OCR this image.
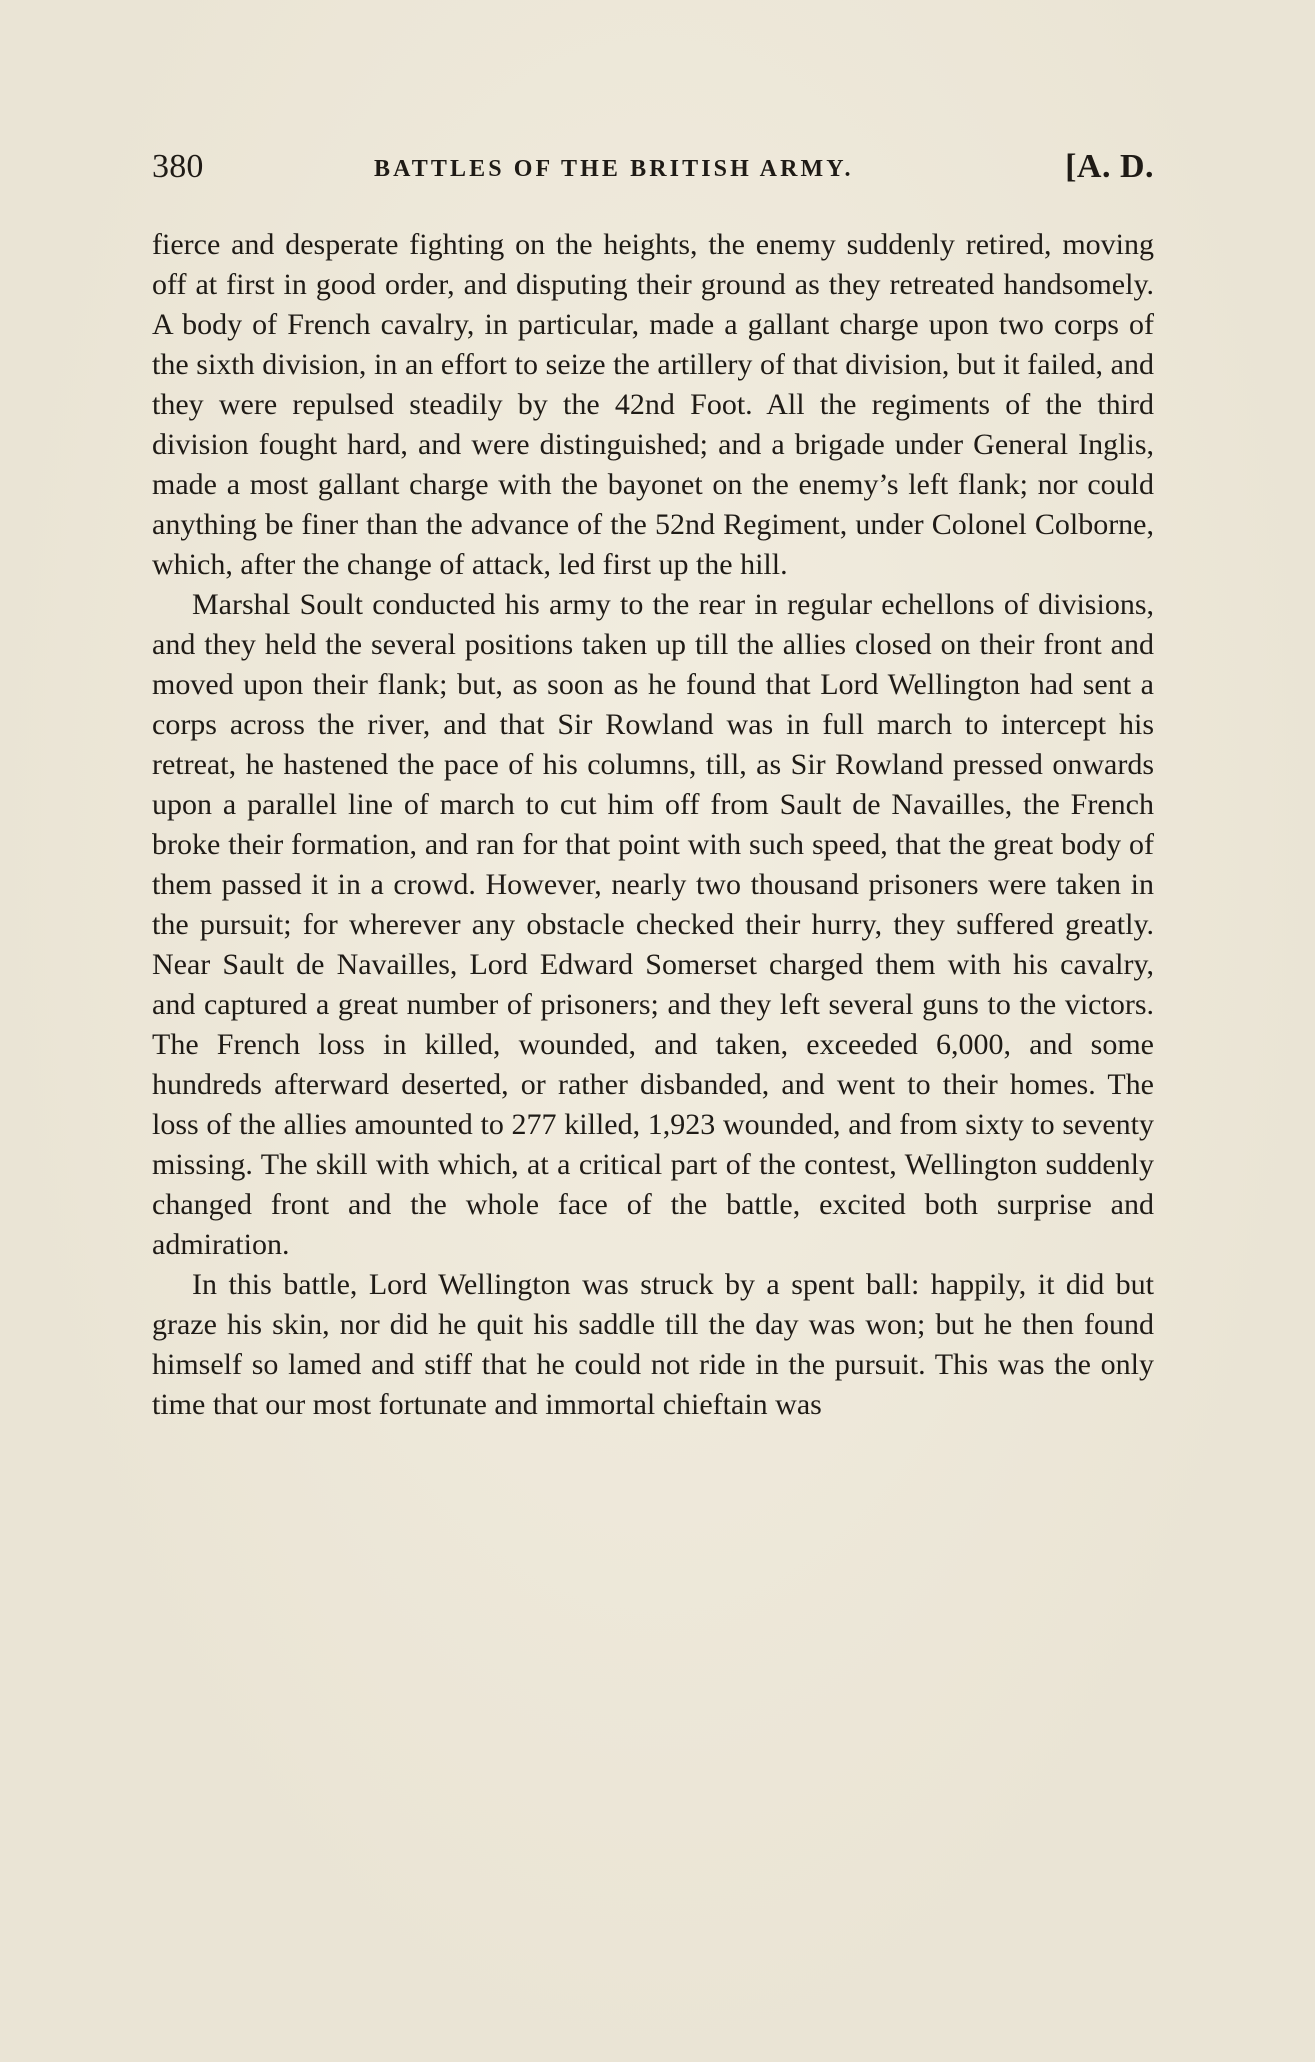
380	BATTLES OF THE BRITISH ARMY.	[A. D.

fierce and desperate fighting on the heights, the enemy suddenly retired, moving off at first in good order, and disputing their ground as they retreated handsomely. A body of French cavalry, in particular, made a gallant charge upon two corps of the sixth division, in an effort to seize the artillery of that division, but it failed, and they were repulsed steadily by the 42nd Foot. All the regiments of the third division fought hard, and were distinguished; and a brigade under General Inglis, made a most gallant charge with the bayonet on the enemy’s left flank; nor could anything be finer than the advance of the 52nd Regiment, under Colonel Colborne, which, after the change of attack, led first up the hill.

Marshal Soult conducted his army to the rear in regular echellons of divisions, and they held the several positions taken up till the allies closed on their front and moved upon their flank; but, as soon as he found that Lord Wellington had sent a corps across the river, and that Sir Rowland was in full march to intercept his retreat, he hastened the pace of his columns, till, as Sir Rowland pressed onwards upon a parallel line of march to cut him off from Sault de Navailles, the French broke their formation, and ran for that point with such speed, that the great body of them passed it in a crowd. However, nearly two thousand prisoners were taken in the pursuit; for wherever any obstacle checked their hurry, they suffered greatly. Near Sault de Navailles, Lord Edward Somerset charged them with his cavalry, and captured a great number of prisoners; and they left several guns to the victors. The French loss in killed, wounded, and taken, exceeded 6,000, and some hundreds afterward deserted, or rather disbanded, and went to their homes. The loss of the allies amounted to 277 killed, 1,923 wounded, and from sixty to seventy missing. The skill with which, at a critical part of the contest, Wellington suddenly changed front and the whole face of the battle, excited both surprise and admiration.

In this battle, Lord Wellington was struck by a spent ball: happily, it did but graze his skin, nor did he quit his saddle till the day was won; but he then found himself so lamed and stiff that he could not ride in the pursuit. This was the only time that our most fortunate and immortal chieftain was
